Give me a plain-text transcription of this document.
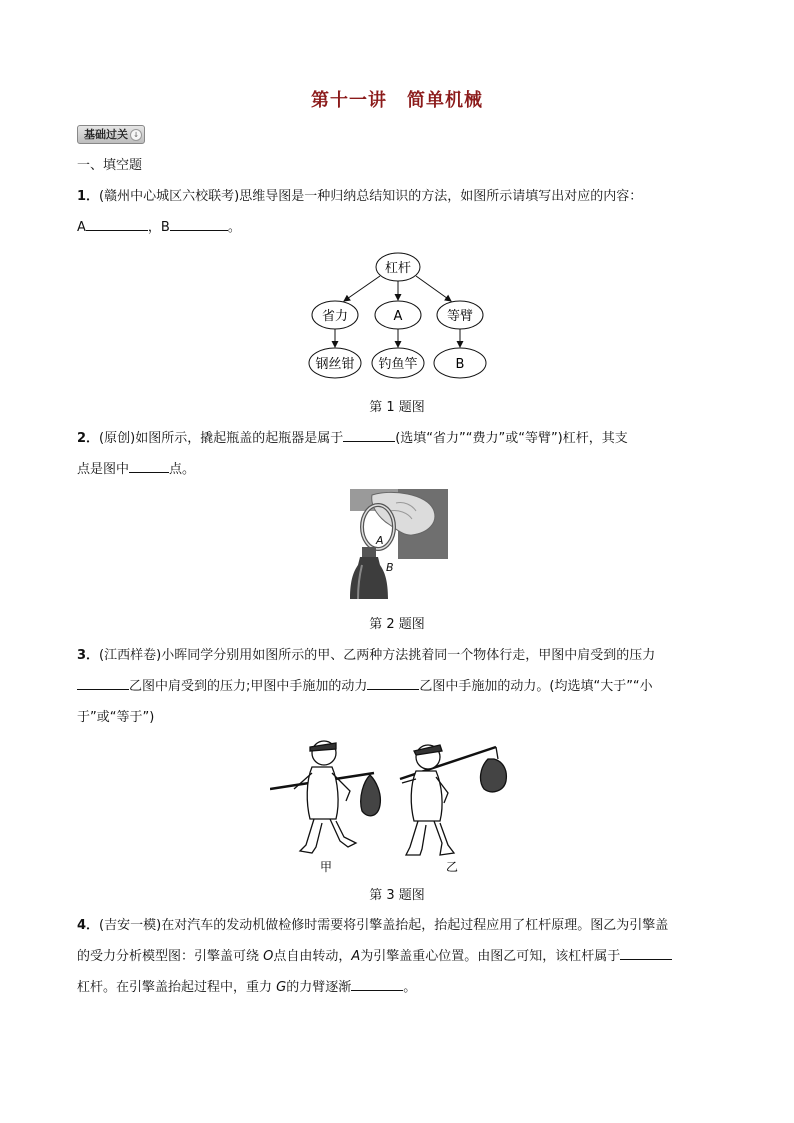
第十一讲 简单机械
基础过关 ↓
一、填空题
1．(赣州中心城区六校联考)思维导图是一种归纳总结知识的方法，如图所示请填写出对应的内容：
A	，B	。
杠杆
省力	A	等臂
钢丝钳 钓鱼竿	B
第 1 题图
2．(原创)如图所示，撬起瓶盖的起瓶器是属于	(选填“省力”“费力”或“等臂”)杠杆，其支
点是图中	点。
A
B
第 2 题图
3．(江西样卷)小晖同学分别用如图所示的甲、乙两种方法挑着同一个物体行走，甲图中肩受到的压力
乙图中肩受到的压力;甲图中手施加的动力	乙图中手施加的动力。(均选填“大于”“小
于”或“等于”)
甲	乙
第 3 题图
4．(吉安一模)在对汽车的发动机做检修时需要将引擎盖抬起，抬起过程应用了杠杆原理。图乙为引擎盖
的受力分析模型图：引擎盖可绕 O点自由转动，A为引擎盖重心位置。由图乙可知，该杠杆属于
杠杆。在引擎盖抬起过程中，重力 G的力臂逐渐	。
